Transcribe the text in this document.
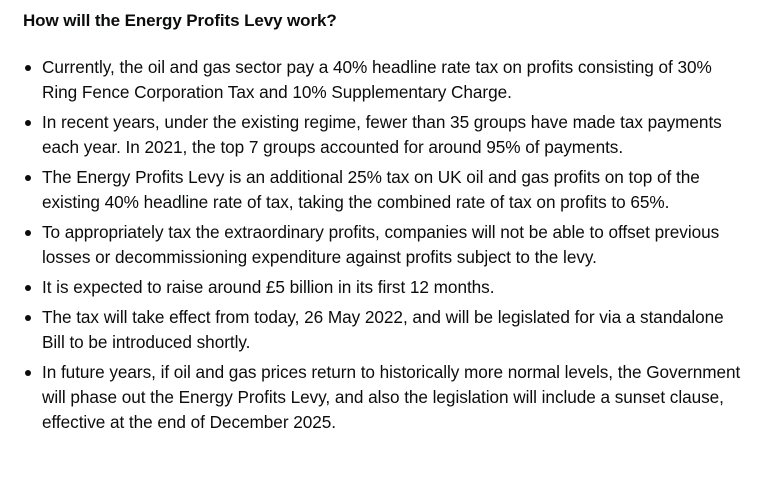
How will the Energy Profits Levy work?
Currently, the oil and gas sector pay a 40% headline rate tax on profits consisting of 30% Ring Fence Corporation Tax and 10% Supplementary Charge.
In recent years, under the existing regime, fewer than 35 groups have made tax payments each year. In 2021, the top 7 groups accounted for around 95% of payments.
The Energy Profits Levy is an additional 25% tax on UK oil and gas profits on top of the existing 40% headline rate of tax, taking the combined rate of tax on profits to 65%.
To appropriately tax the extraordinary profits, companies will not be able to offset previous losses or decommissioning expenditure against profits subject to the levy.
It is expected to raise around £5 billion in its first 12 months.
The tax will take effect from today, 26 May 2022, and will be legislated for via a standalone Bill to be introduced shortly.
In future years, if oil and gas prices return to historically more normal levels, the Government will phase out the Energy Profits Levy, and also the legislation will include a sunset clause, effective at the end of December 2025.
